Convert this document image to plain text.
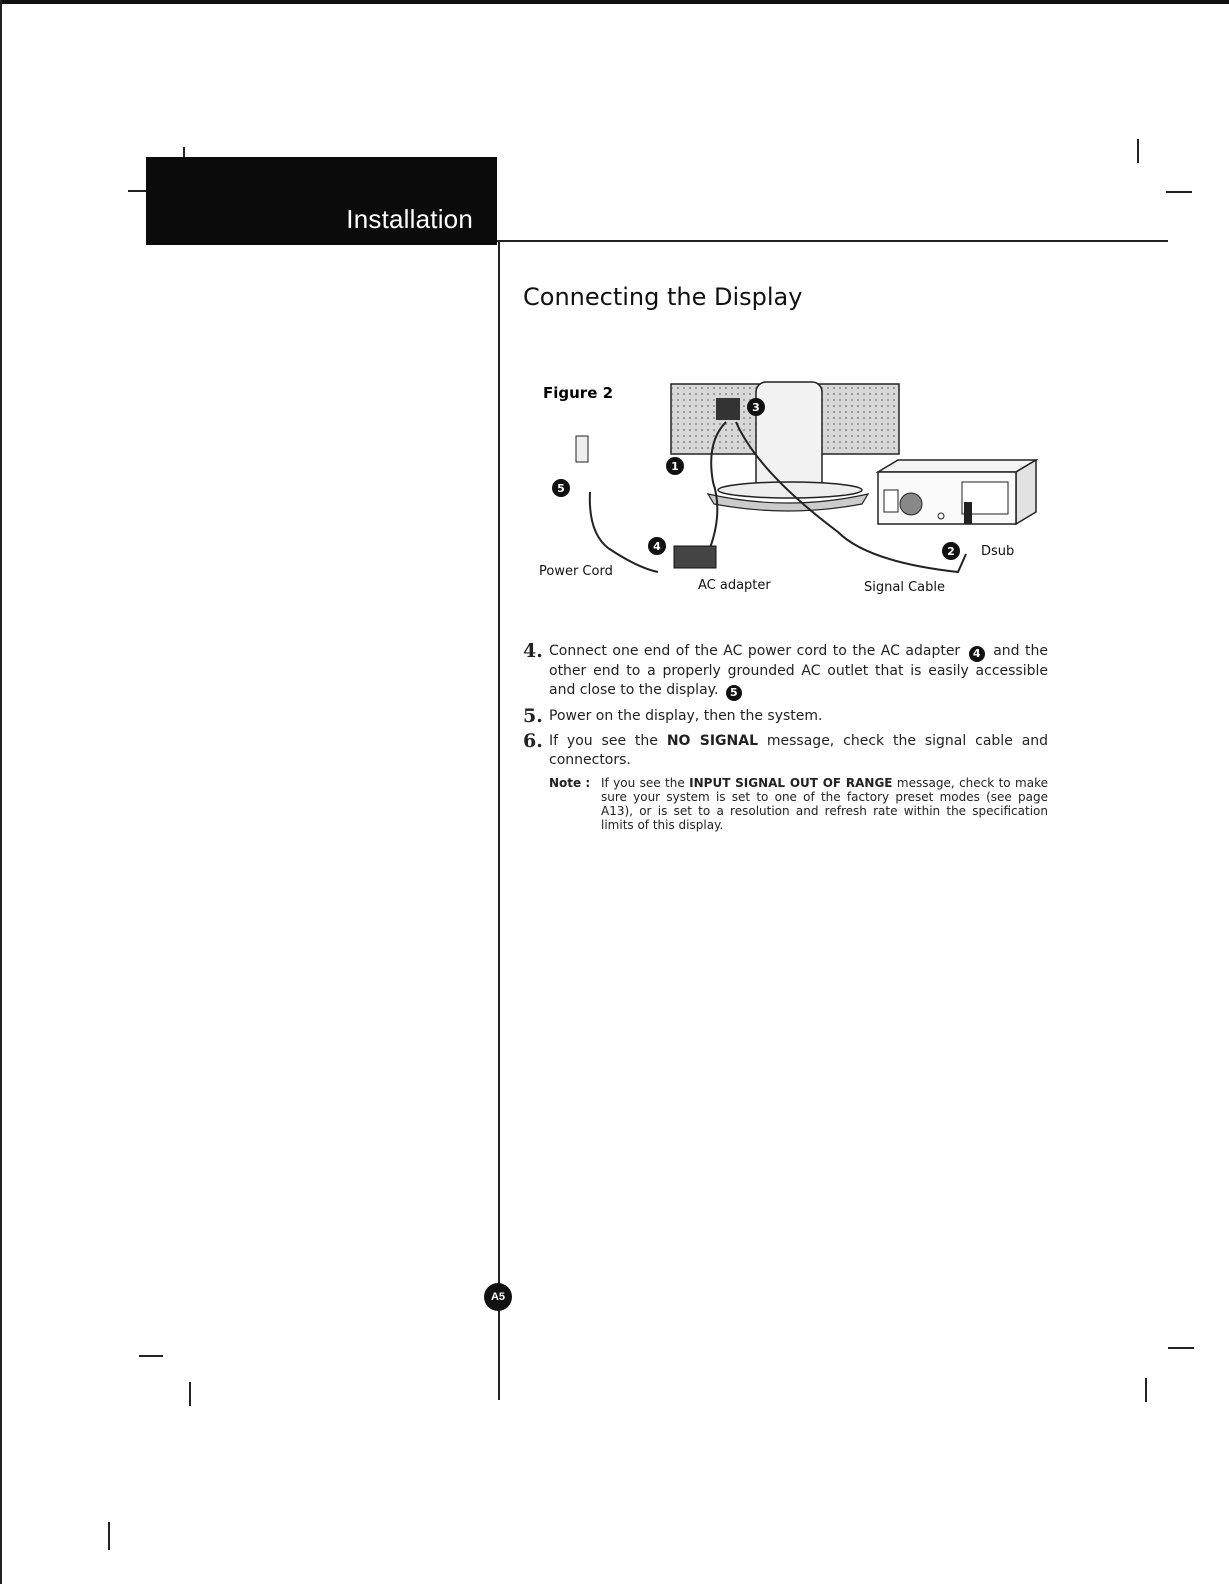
Installation
Connecting the Display
1
2
3
4
5
Figure 2
Power Cord
AC adapter	Signal Cable
Dsub
4. Connect one end of the AC power cord to the AC adapter 4 and the other end to a properly grounded AC outlet that is easily accessible and close to the display. 5
5. Power on the display, then the system.
6. If you see the NO SIGNAL message, check the signal cable and connectors.
Note : If you see the INPUT SIGNAL OUT OF RANGE message, check to make sure your system is set to one of the factory preset modes (see page A13), or is set to a resolution and refresh rate within the specification limits of this display.
A5
